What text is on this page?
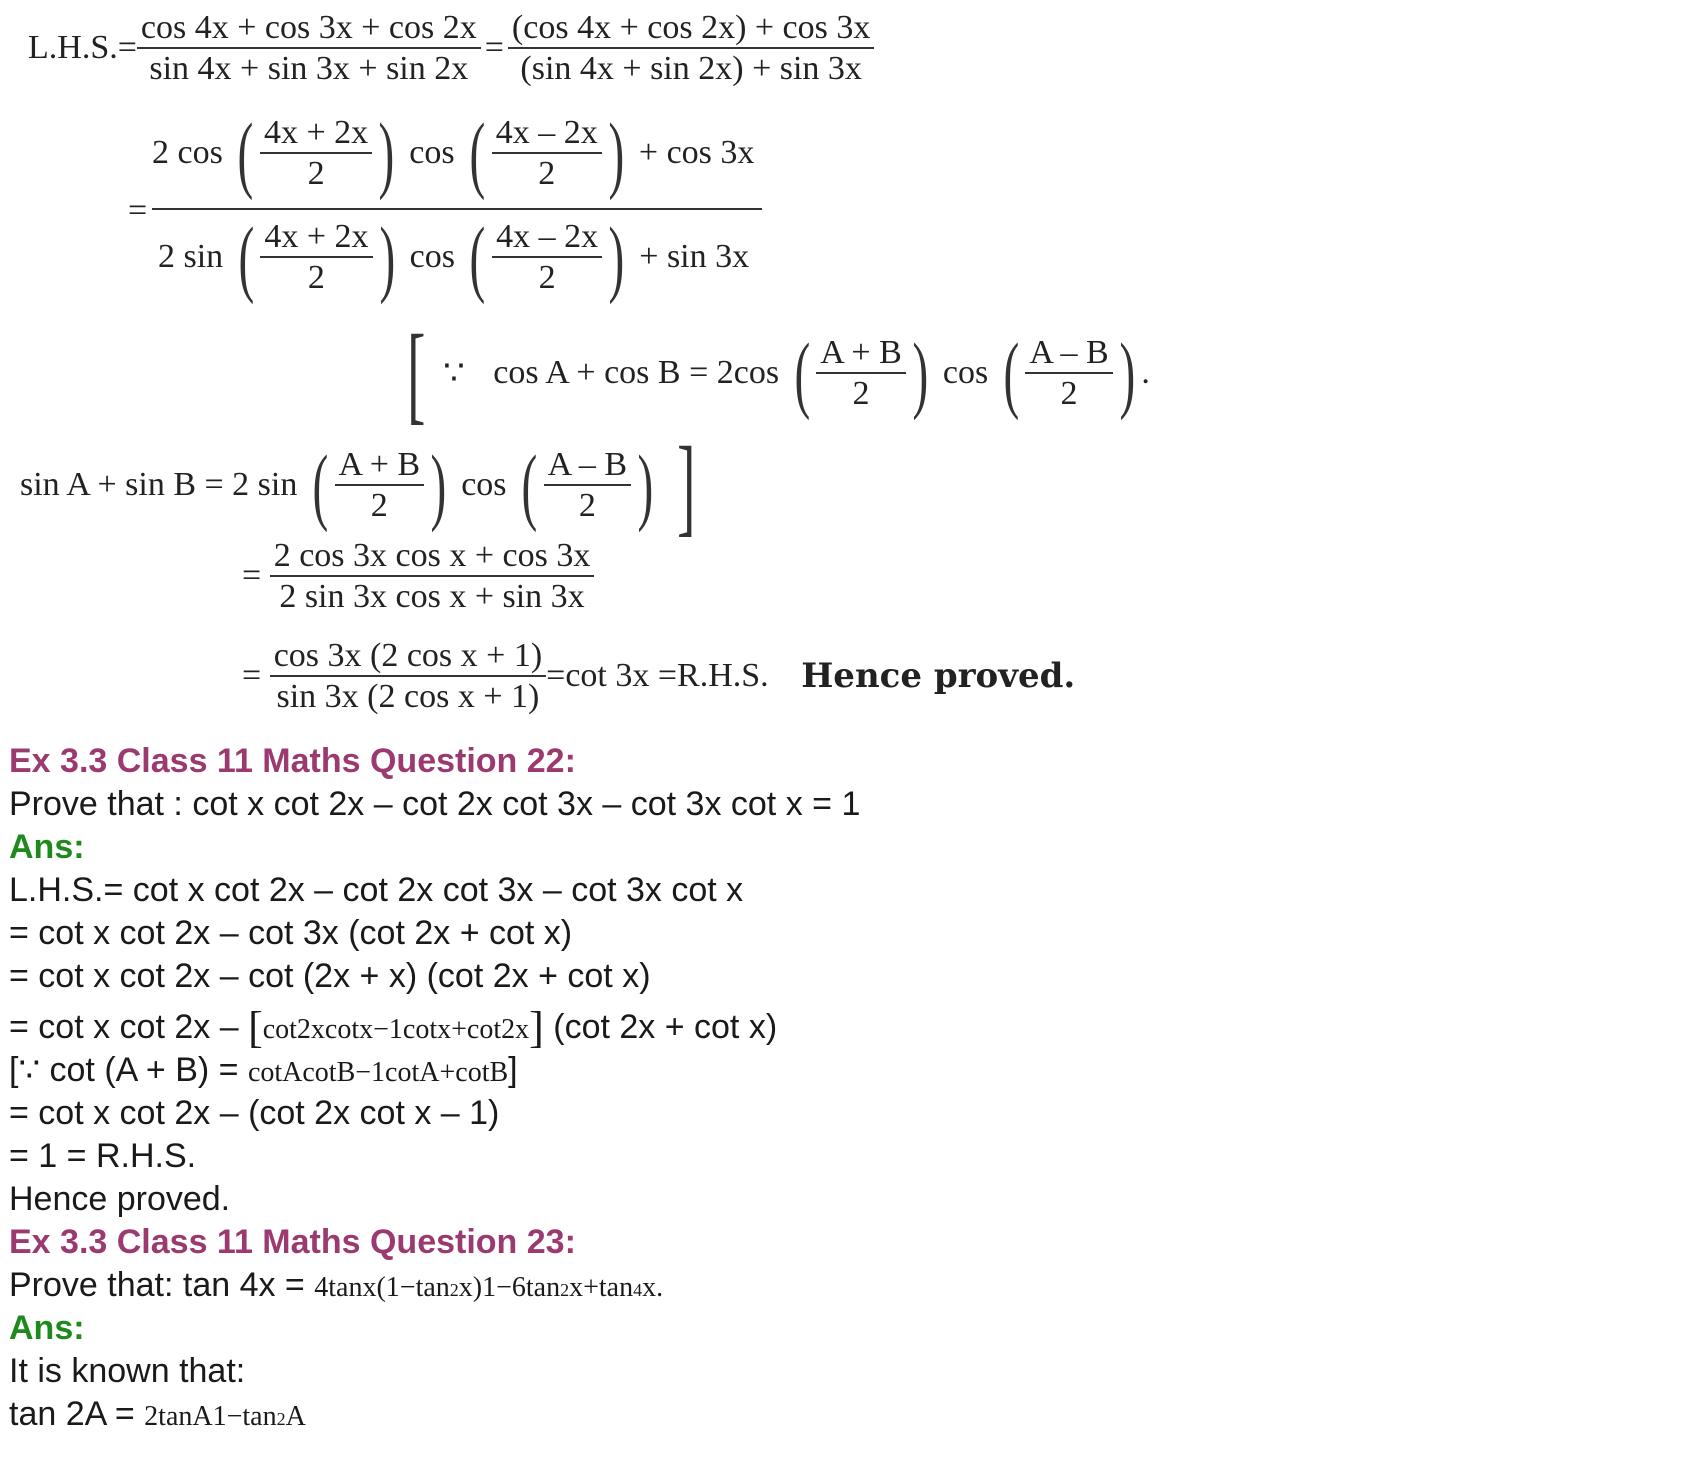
$L.H.S.= \frac{\cos 4x + \cos 3x + \cos 2x}{\sin 4x + \sin 3x + \sin 2x} = \frac{(\cos 4x + \cos 2x) + \cos 3x}{(\sin 4x + \sin 2x) + \sin 3x}$
=
2 cos ( $\frac{4x + 2x}{2}$ ) cos ( $\frac{4x - 2x}{2}$ ) + cos 3x
2 sin ( $\frac{4x + 2x}{2}$ ) cos ( $\frac{4x - 2x}{2}$ ) + sin 3x
[ ∵ cos A + cos B = 2cos ( $\frac{A + B}{2}$ ) cos ( $\frac{A - B}{2}$ ) .
sin A + sin B = 2 sin ( $\frac{A + B}{2}$ ) cos ( $\frac{A - B}{2}$ ) ]
= $\frac{\text{2 cos 3x cos x + cos 3x}}{\text{2 sin 3x cos x + sin 3x}}$
= $\frac{\text{cos 3x (2 cos x + 1)}}{\text{sin 3x (2 cos x + 1)}} =\cot$ 3x =R.H.S. Hence proved.
Ex 3.3 Class 11 Maths Question 22:
Prove that : cot x cot 2x – cot 2x cot 3x – cot 3x cot x = 1
Ans:
L.H.S.= cot x cot 2x – cot 2x cot 3x – cot 3x cot x
= cot x cot 2x – cot 3x (cot 2x + cot x)
= cot x cot 2x – cot (2x + x) (cot 2x + cot x)
= cot x cot 2x – [cot2xcotx−1cotx+cot2x] (cot 2x + cot x)
[∵ cot (A + B) = cotAcotB−1cotA+cotB]
= cot x cot 2x – (cot 2x cot x – 1)
= 1 = R.H.S.
Hence proved.
Ex 3.3 Class 11 Maths Question 23:
Prove that: tan 4x = 4tanx(1−tan2x)1−6tan2x+tan4x.
Ans:
It is known that:
tan 2A = 2tanA1−tan2A
